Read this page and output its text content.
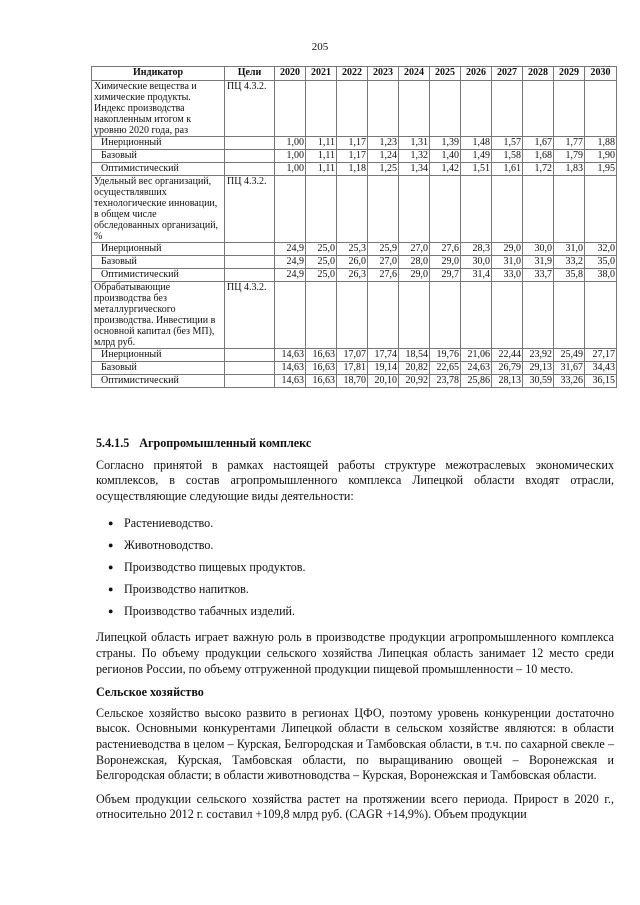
205
Индикатор	Цели	2020	2021	2022	2023	2024	2025	2026	2027	2028	2029	2030
Химические вещества и химические продукты. Индекс производства накопленным итогом к уровню 2020 года, раз	ПЦ 4.3.2.											
Инерционный		1,00	1,11	1,17	1,23	1,31	1,39	1,48	1,57	1,67	1,77	1,88
Базовый		1,00	1,11	1,17	1,24	1,32	1,40	1,49	1,58	1,68	1,79	1,90
Оптимистический		1,00	1,11	1,18	1,25	1,34	1,42	1,51	1,61	1,72	1,83	1,95
Удельный вес организаций, осуществлявших технологические инновации, в общем числе обследованных организаций, %	ПЦ 4.3.2.											
Инерционный		24,9	25,0	25,3	25,9	27,0	27,6	28,3	29,0	30,0	31,0	32,0
Базовый		24,9	25,0	26,0	27,0	28,0	29,0	30,0	31,0	31,9	33,2	35,0
Оптимистический		24,9	25,0	26,3	27,6	29,0	29,7	31,4	33,0	33,7	35,8	38,0
Обрабатывающие производства без металлургического производства. Инвестиции в основной капитал (без МП), млрд руб.	ПЦ 4.3.2.											
Инерционный		14,63	16,63	17,07	17,74	18,54	19,76	21,06	22,44	23,92	25,49	27,17
Базовый		14,63	16,63	17,81	19,14	20,82	22,65	24,63	26,79	29,13	31,67	34,43
Оптимистический		14,63	16,63	18,70	20,10	20,92	23,78	25,86	28,13	30,59	33,26	36,15
5.4.1.5 Агропромышленный комплекс

Согласно принятой в рамках настоящей работы структуре межотраслевых экономических комплексов, в состав агропромышленного комплекса Липецкой области входят отрасли, осуществляющие следующие виды деятельности:

● Растениеводство.
● Животноводство.
● Производство пищевых продуктов.
● Производство напитков.
● Производство табачных изделий.

Липецкой область играет важную роль в производстве продукции агропромышленного комплекса страны. По объему продукции сельского хозяйства Липецкая область занимает 12 место среди регионов России, по объему отгруженной продукции пищевой промышленности – 10 место.

Сельское хозяйство

Сельское хозяйство высоко развито в регионах ЦФО, поэтому уровень конкуренции достаточно высок. Основными конкурентами Липецкой области в сельском хозяйстве являются: в области растениеводства в целом – Курская, Белгородская и Тамбовская области, в т.ч. по сахарной свекле – Воронежская, Курская, Тамбовская области, по выращиванию овощей – Воронежская и Белгородская области; в области животноводства – Курская, Воронежская и Тамбовская области.

Объем продукции сельского хозяйства растет на протяжении всего периода. Прирост в 2020 г., относительно 2012 г. составил +109,8 млрд руб. (CAGR +14,9%). Объем продукции
